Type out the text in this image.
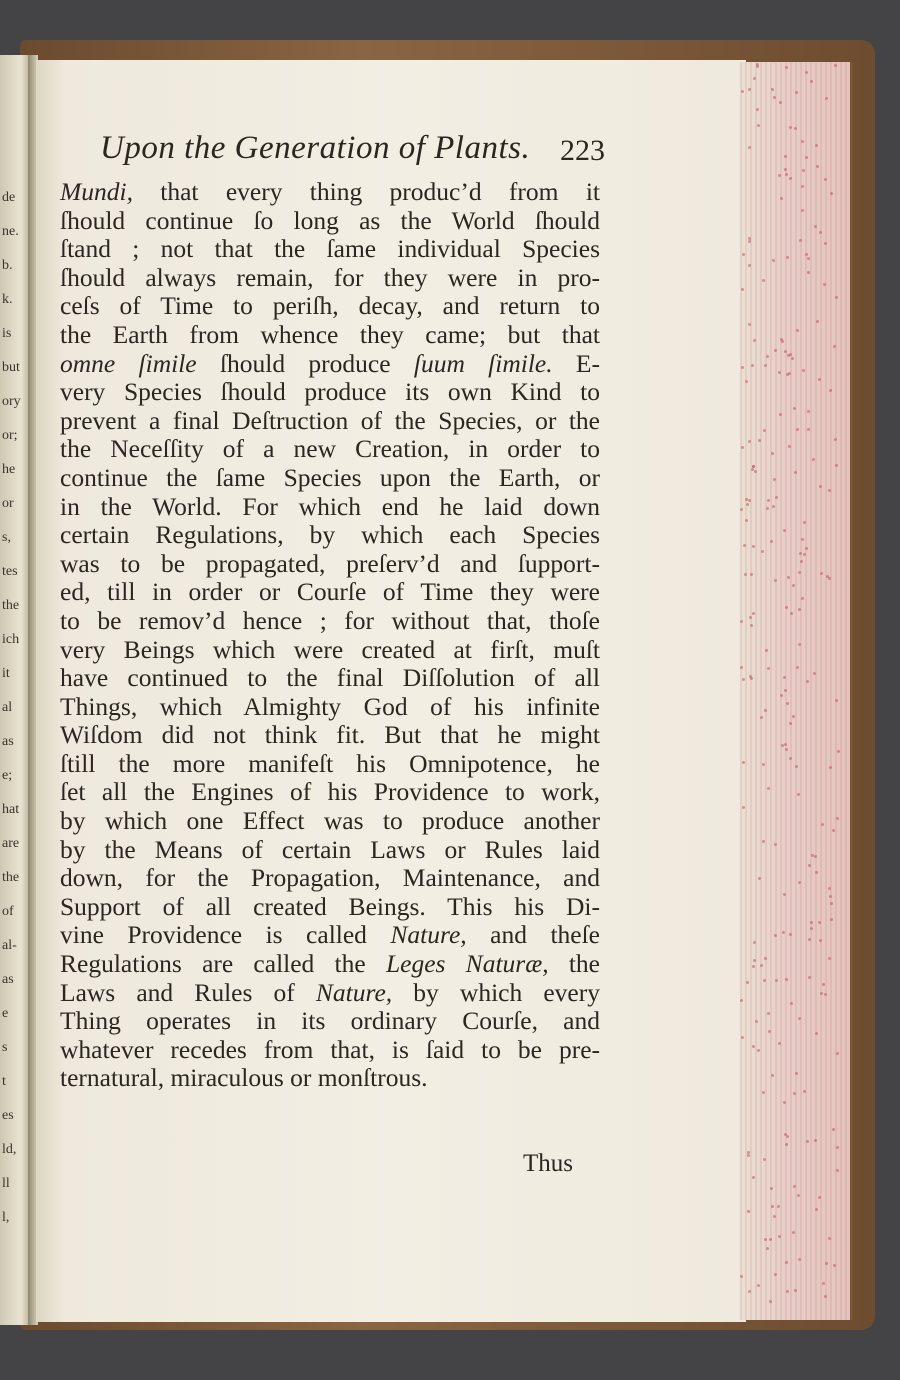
de
ne.
b.
k.
is
but
ory
or;
he
or
s,
tes
the
ich
it
al
as
e;
hat
are
the
of
al-
as
e
s
t
es
ld,
ll
l,
Upon the Generation of Plants. 223
Mundi, that every thing produc’d from it
ſhould continue ſo long as the World ſhould
ſtand ; not that the ſame individual Species
ſhould always remain, for they were in pro-
ceſs of Time to periſh, decay, and return to
the Earth from whence they came; but that
omne ſimile ſhould produce ſuum ſimile. E-
very Species ſhould produce its own Kind to
prevent a final Deſtruction of the Species, or the
the Neceſſity of a new Creation, in order to
continue the ſame Species upon the Earth, or
in the World. For which end he laid down
certain Regulations, by which each Species
was to be propagated, preſerv’d and ſupport-
ed, till in order or Courſe of Time they were
to be remov’d hence ; for without that, thoſe
very Beings which were created at firſt, muſt
have continued to the final Diſſolution of all
Things, which Almighty God of his infinite
Wiſdom did not think fit. But that he might
ſtill the more manifeſt his Omnipotence, he
ſet all the Engines of his Providence to work,
by which one Effect was to produce another
by the Means of certain Laws or Rules laid
down, for the Propagation, Maintenance, and
Support of all created Beings. This his Di-
vine Providence is called Nature, and theſe
Regulations are called the Leges Naturæ, the
Laws and Rules of Nature, by which every
Thing operates in its ordinary Courſe, and
whatever recedes from that, is ſaid to be pre-
ternatural, miraculous or monſtrous.
Thus
